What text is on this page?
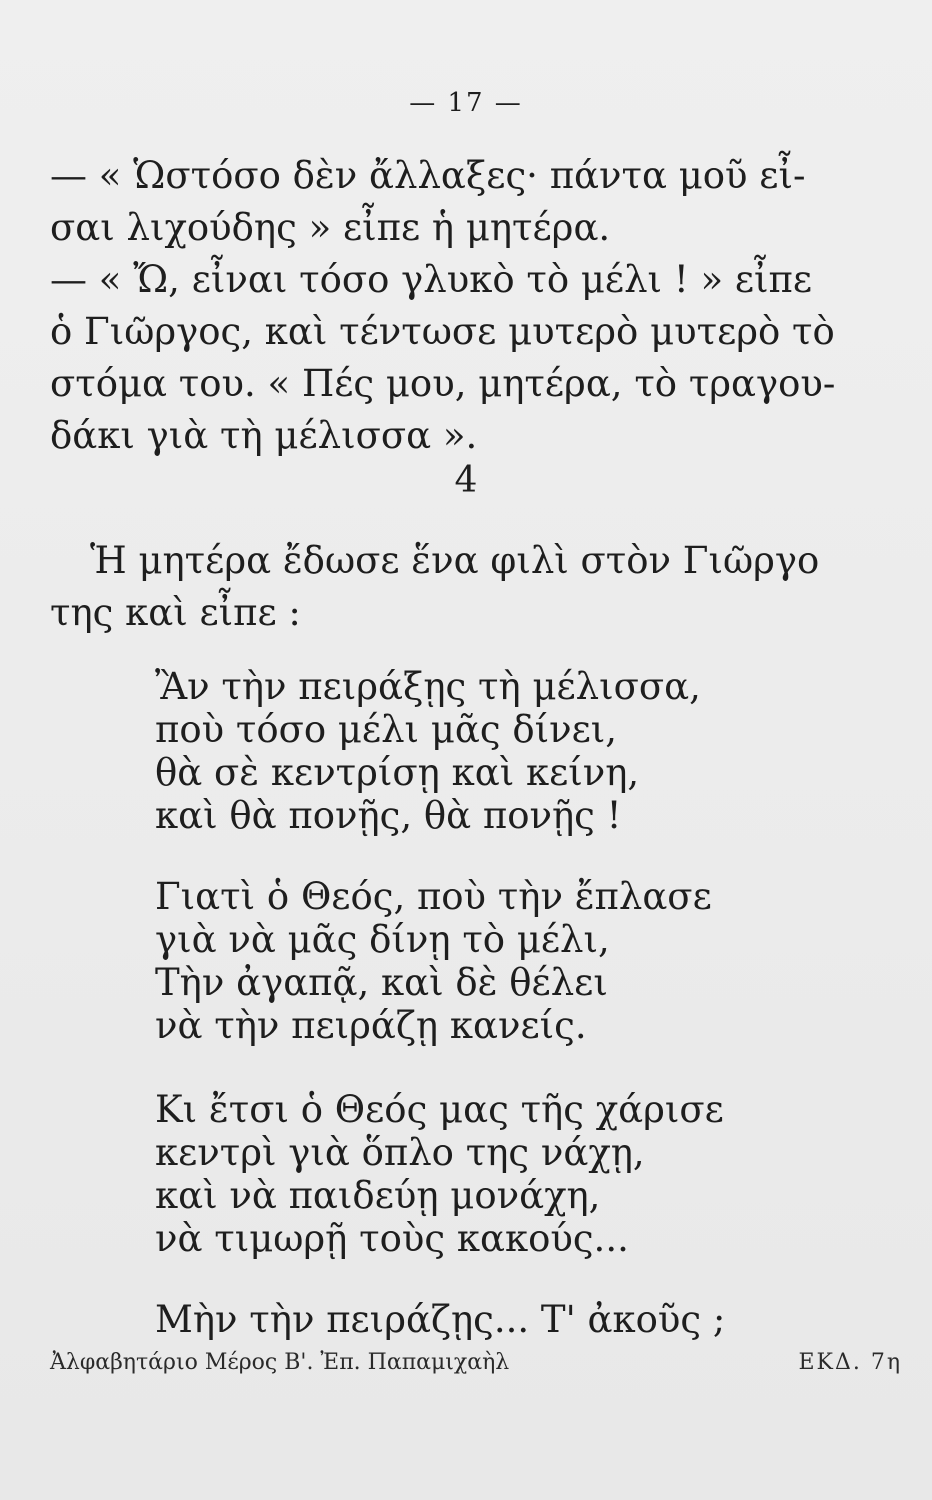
— 17 —
— « Ὡστόσο δὲν ἄλλαξες· πάντα μοῦ εἶ-
σαι λιχούδης » εἶπε ἡ μητέρα.
— « Ὤ, εἶναι τόσο γλυκὸ τὸ μέλι ! » εἶπε
ὁ Γιῶργος, καὶ τέντωσε μυτερὸ μυτερὸ τὸ
στόμα του. « Πές μου, μητέρα, τὸ τραγου-
δάκι γιὰ τὴ μέλισσα ».
4
Ἡ μητέρα ἔδωσε ἕνα φιλὶ στὸν Γιῶργο
της καὶ εἶπε :
Ἂν τὴν πειράξῃς τὴ μέλισσα,
ποὺ τόσο μέλι μᾶς δίνει,
θὰ σὲ κεντρίσῃ καὶ κείνη,
καὶ θὰ πονῇς, θὰ πονῇς !
Γιατὶ ὁ Θεός, ποὺ τὴν ἔπλασε
γιὰ νὰ μᾶς δίνῃ τὸ μέλι,
Τὴν ἀγαπᾷ, καὶ δὲ θέλει
νὰ τὴν πειράζῃ κανείς.
Κι ἔτσι ὁ Θεός μας τῆς χάρισε
κεντρὶ γιὰ ὅπλο της νάχῃ,
καὶ νὰ παιδεύῃ μονάχη,
νὰ τιμωρῇ τοὺς κακούς...
Μὴν τὴν πειράζῃς... Τ' ἀκοῦς ;
Ἀλφαβητάριο Μέρος Β'. Ἐπ. Παπαμιχαὴλ	ΕΚΔ. 7η
